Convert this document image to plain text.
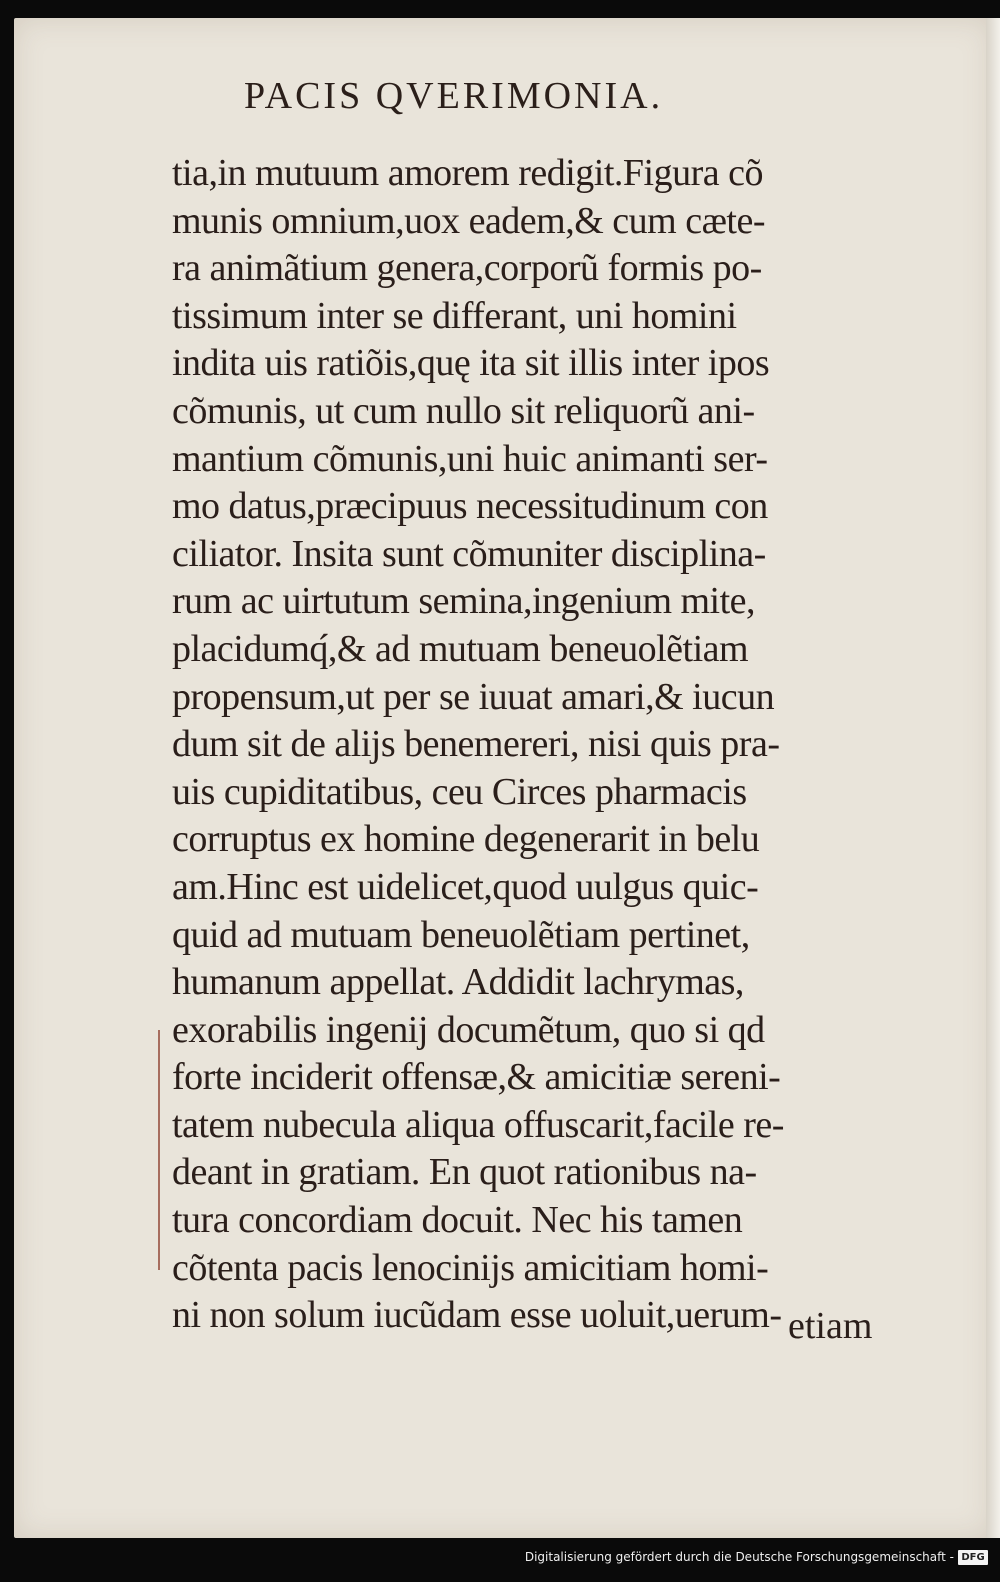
PACIS QVERIMONIA.
tia,in mutuum amorem redigit.Figura cõ
munis omnium,uox eadem,& cum cæte-
ra animãtium genera,corporũ formis po-
tissimum inter se differant, uni homini
indita uis ratiõis,quę ita sit illis inter ipos
cõmunis, ut cum nullo sit reliquorũ ani-
mantium cõmunis,uni huic animanti ser-
mo datus,præcipuus necessitudinum con
ciliator. Insita sunt cõmuniter disciplina-
rum ac uirtutum semina,ingenium mite,
placidumq́,& ad mutuam beneuolẽtiam
propensum,ut per se iuuat amari,& iucun
dum sit de alijs benemereri, nisi quis pra-
uis cupiditatibus, ceu Circes pharmacis
corruptus ex homine degenerarit in belu
am.Hinc est uidelicet,quod uulgus quic-
quid ad mutuam beneuolẽtiam pertinet,
humanum appellat. Addidit lachrymas,
exorabilis ingenij documẽtum, quo si qd
forte inciderit offensæ,& amicitiæ sereni-
tatem nubecula aliqua offuscarit,facile re-
deant in gratiam. En quot rationibus na-
tura concordiam docuit. Nec his tamen
cõtenta pacis lenocinijs amicitiam homi-
ni non solum iucũdam esse uoluit,uerum- etiam
Digitalisierung gefördert durch die Deutsche Forschungsgemeinschaft - DFG
